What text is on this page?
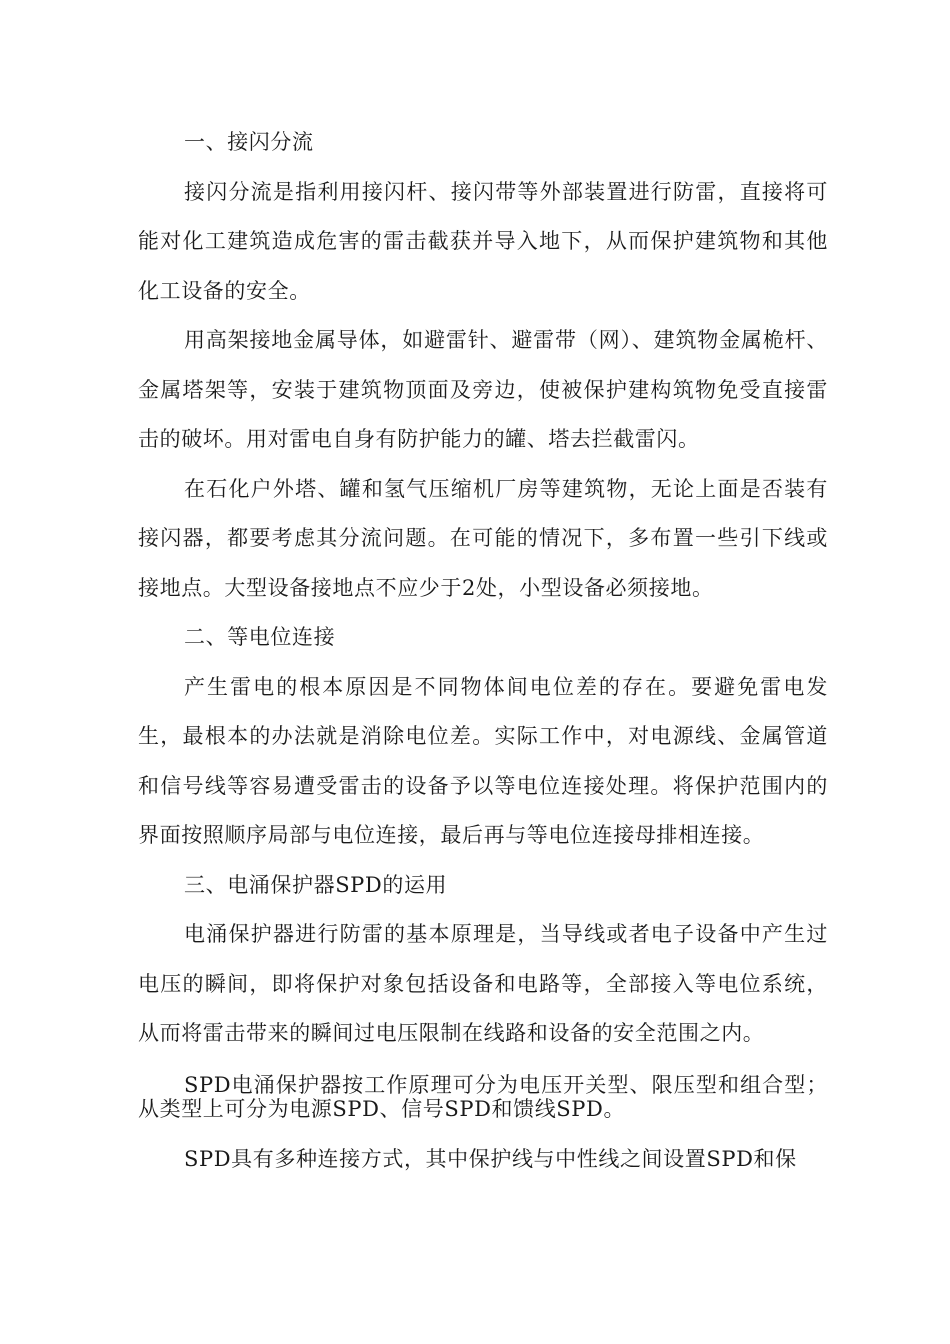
一、接闪分流

接闪分流是指利用接闪杆、接闪带等外部装置进行防雷，直接将可能对化工建筑造成危害的雷击截获并导入地下，从而保护建筑物和其他化工设备的安全。

用高架接地金属导体，如避雷针、避雷带（网）、建筑物金属桅杆、金属塔架等，安装于建筑物顶面及旁边，使被保护建构筑物免受直接雷击的破坏。用对雷电自身有防护能力的罐、塔去拦截雷闪。

在石化户外塔、罐和氢气压缩机厂房等建筑物，无论上面是否装有接闪器，都要考虑其分流问题。在可能的情况下，多布置一些引下线或接地点。大型设备接地点不应少于2处，小型设备必须接地。

二、等电位连接

产生雷电的根本原因是不同物体间电位差的存在。要避免雷电发生，最根本的办法就是消除电位差。实际工作中，对电源线、金属管道和信号线等容易遭受雷击的设备予以等电位连接处理。将保护范围内的界面按照顺序局部与电位连接，最后再与等电位连接母排相连接。

三、电涌保护器SPD的运用

电涌保护器进行防雷的基本原理是，当导线或者电子设备中产生过电压的瞬间，即将保护对象包括设备和电路等，全部接入等电位系统，从而将雷击带来的瞬间过电压限制在线路和设备的安全范围之内。

SPD电涌保护器按工作原理可分为电压开关型、限压型和组合型；从类型上可分为电源SPD、信号SPD和馈线SPD。

SPD具有多种连接方式，其中保护线与中性线之间设置SPD和保
